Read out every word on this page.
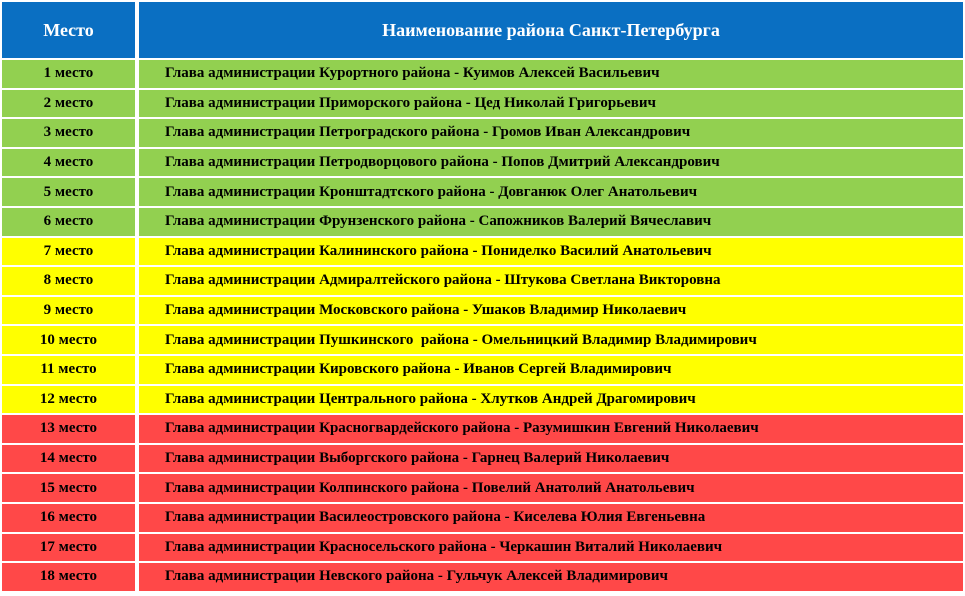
Место	Наименование района Санкт-Петербурга
1 место	Глава администрации Курортного района - Куимов Алексей Васильевич
2 место	Глава администрации Приморского района - Цед Николай Григорьевич
3 место	Глава администрации Петроградского района - Громов Иван Александрович
4 место	Глава администрации Петродворцового района - Попов Дмитрий Александрович
5 место	Глава администрации Кронштадтского района - Довганюк Олег Анатольевич
6 место	Глава администрации Фрунзенского района - Сапожников Валерий Вячеславич
7 место	Глава администрации Калининского района - Пониделко Василий Анатольевич
8 место	Глава администрации Адмиралтейского района - Штукова Светлана Викторовна
9 место	Глава администрации Московского района - Ушаков Владимир Николаевич
10 место	Глава администрации Пушкинского  района - Омельницкий Владимир Владимирович
11 место	Глава администрации Кировского района - Иванов Сергей Владимирович
12 место	Глава администрации Центрального района - Хлутков Андрей Драгомирович
13 место	Глава администрации Красногвардейского района - Разумишкин Евгений Николаевич
14 место	Глава администрации Выборгского района - Гарнец Валерий Николаевич
15 место	Глава администрации Колпинского района - Повелий Анатолий Анатольевич
16 место	Глава администрации Василеостровского района - Киселева Юлия Евгеньевна
17 место	Глава администрации Красносельского района - Черкашин Виталий Николаевич
18 место	Глава администрации Невского района - Гульчук Алексей Владимирович
